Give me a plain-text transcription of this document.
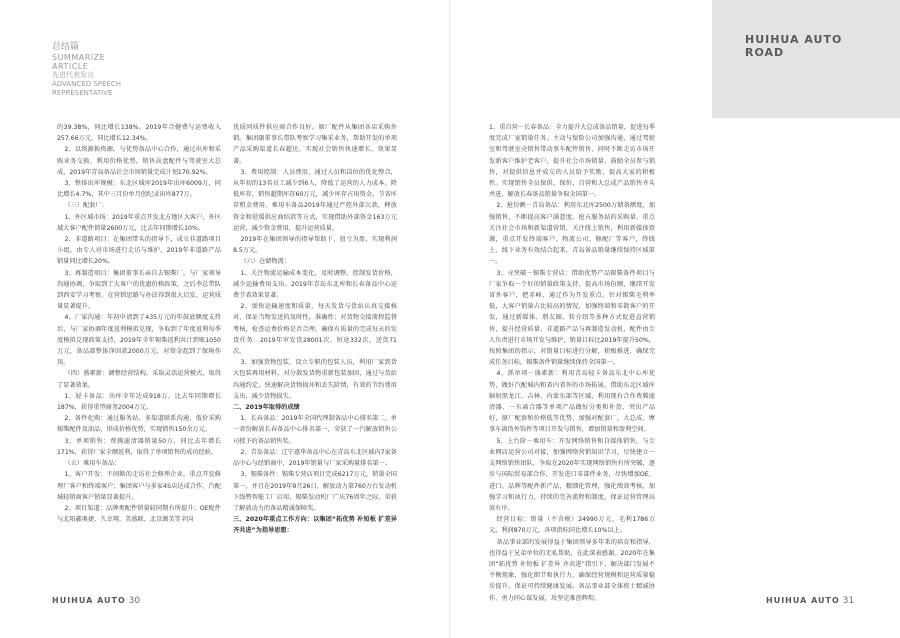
HUIHUA AUTO
ROAD
总结篇
SUMMARIZE
ARTICLE
先进代表发言
ADVANCED SPEECH
REPRESENTATIVE

的39.38%，同比增长138%。2019年合健费与运费收入257.66万元，同比增长12.34%。

2、以资源换资源，与优势备品中心合作，通过出库和采购业务交换，利用价格优势，销售高盘配件与驾驶室大总成，2019年青岛备品社会市场销量完成计划170.92%。

3、整体出库规模：东北区域库2019年出库6009万，同比增长4.7%，其中三月份单月创纪录出库877万。

（三）配套厂：

1、外区域市场：2019年重点开发北方地区大客户，外区域大客户配件销量2600万元，比去年同期增长10%。

2、非道路项目：在集团带头的指导下，成立非道路项目小组，由专人对市场进行走访与维护，2019年非道路产品销量同比增长20%。

3、再制造项目：集团董事长亲自去锡柴厂，与厂家领导沟通协调，争取到了大客户的优惠价格政策，之后李总带队到西安学习考察，在营销思路与办法得到很大启发，运营质量显著提升。

4、厂家沟通：年初申请到了435万元的年鼓底额度支持后，与厂家协调年度返利模拟兑现，争取到了年度返利每季度模拟兑现政策支持，2019年全年锡柴返利共计到账1050万元，备品部整体净回款2000万元，对资金起到了保障作用。

（四）盛素新：调整经营结构，采取灵活运营模式，取得了显著效果。

1、轻卡备品：出库全年达成918万，比去年同期增长187%，获得重型商务2004万元。

2、备件化购：通过服务站、多渠道联系沟通，低价采购锡柴配件及油品，形成价格优势，实现销售150余万元。

3、单项销售：费腾滤清器销量50万，同比去年增长171%，获得厂家全额返利，取得了单项销售的成功经验。

（五）乘用车备品：

1、客户开发：不间断的走访社会修理企业，重点开发修理厂客户和终端客户；集团客户与多家4S店达成合作，汽配城轻销商客户销量显著提升。

2、项目渠道：品牌类配件销量较同期有所提升；OE配件与北阳鑫奥捷、久幸翔、美盛联、北京源美等全国

优质同质件供应商合作良好。原厂配件从集团各店采购外销。集团副董事长带队考察学习集采业务，帮助开发的单项产品采购渠道长春超达，实现社会销售快速增长，效果显著。

3、费用控制：人员费用，通过人员和岗位的优化整合，从年初的13名员工减少到6人，降低了运营的人力成本。降低库存，销售超期库存60万元，减少库存占用资金，节省库存租金费用。乘用车备品2019年通过严控外部欠款，释放资金和延缓供应商结款等方式，实现借助外部资金163万元运营，减少资金费用，提升运营质量。

2019年在集团领导的指导帮助下，扭亏为盈，实现利润8.5万元。

（六）仓储物流：

1、关注物流运输成本变化，及时调整、控制发货价格，减少运输费用支出。2019年青岛东北库和长春备品中心运费节省效果显著。

2、加快运输速度和质量，每天发货与货站认真交接核对，保证当物发送的及时性，准确性；对货物交接流程监督考核，检查运费价格是否合理。确保有质量的完成每天的发货任务：2019年审发货28001次，短途332次，送货71次。

3、加强货物包装，设立专职的包装人员，利用厂家到货大包装再用材料，对分散发货物重新包装加固，通过与货站沟通约定，快速解决货物损坏和丢失险情，有效的节约费用支出，减少货物损失。

二、2019年取得的成绩

1、长春备品：2019年全国代理制备品中心排名第二、单一省份解放长春备品中心排名第一，荣获了一汽解放销售公司授予的备品销售奖。

2、青岛备品：辽宁惠华备品中心在青岛东北区域内7家备品中心与经销商中，2019年销量与厂家采购量排名第一。

3、锡柴备件：锡柴专营店项目完成6217万元，销量全国第一，并且在2019年9月26日，解放动力第760万台发动机下线暨智能工厂启用，锡柴发动机厂广庆76周年之际，荣获了解放动力的备品精诚保障奖。

三、2020年重点工作方向：以集团“拓优势 补短板 扩差异 齐共进”为指导思想：

1、重自营－长春备品：全力提升大总成备品销量，促进每季度完成厂家销量任务。主动与保险公司加强沟通，通过驾驶室和驾驶室壳销售带动事车配件销售，同时不断走访市场开发新客户维护老客户，提升社会市场销量，鼓励全员参与销售，对提供信息并成交的人员给予奖励，提高大家的积极性。实现销售全员保供、保价、自营和大总成产品销售齐头并进，解放长春备品销量争取全国第一。

2、抢份额－青岛备品：利用东北库2500万储备额度，加强销售，不断提高客户满意度，抢占服务站的采购量。重点关注社会市场和新渠道营销，关注线上销售，利用新媒体资源，重点开发终端客户、物流公司、修配厂等客户，终线上、线下业务有效结合起来，青岛备品销量继续保持区域第一。

3、寻突破－锡柴专营店：借助优势产品锡柴备件项目与厂家争取一个好的销量政策支持，提高市场份额，继续开发省外客户，把赤峰、通辽作为开发重点。针对锡柴毛利率低，大客户销量占比较高的情况，加强终端和零散客户的开发，通过新媒体、朋友圈，转介绍等多种方式促进直营销售，提升经营质量。非道路产品与再制造发动机，配件由专人负责进行市场开发与维护，销量目标比2019年提升50%，按照集团的指示，对销量目标进行分解，积极推进，确保完成任务目标，锡柴备件销量继续保持全国第一。

4、抓单项－盛素新：利用青岛轻卡备品东北中心库优势，做好汽配城内和省内省外的市场拓展，借助东北区域库辐射黑龙江、吉林、内蒙东部等区域，利用现有合作费腾滤清器、一东离合器等单项产品做好分类和补货，突出产品好，原厂配套和价格低等优势，加强对配套厂，大总成、摩事车离伪外饰件等项目开发与销售，增加销量和盈利空间。

5、上台阶－乘用车：开发网络销售和自媒体销售，与专业网店运营公司对接，加强网络营销知识学习，尽快建立一支网络销售团队，争取在2020年实现网络销售有所突破，逐步与国际贸易部合作，开发进口零部件业务，尽快增加OE、进口、品牌等配件新产品，精细化管理，强化绩效考核，加强学习和执行力，持续的完善流程和制度，保证运营管理高效有序。

经营目标：销量（不含税）24990万元，毛利1786万元，利润870万元，各项指标同比增长10%以上。

备品事业部的发展得益于集团领导多年来的培育和指导，也得益于兄弟单位的无私帮助，在此深表感谢。2020年在集团“拓优势 补短板 扩差异 齐共进”指引下，解决部门发展不平衡现象，强化细节和执行力，确保经营规模和运营质量稳步提升，保证可持续健康发展。备品事业部全体将士精诚协作，勇力同心谋发展，攻坚克难创辉煌。

HUIHUA AUTO 30	HUIHUA AUTO 31
